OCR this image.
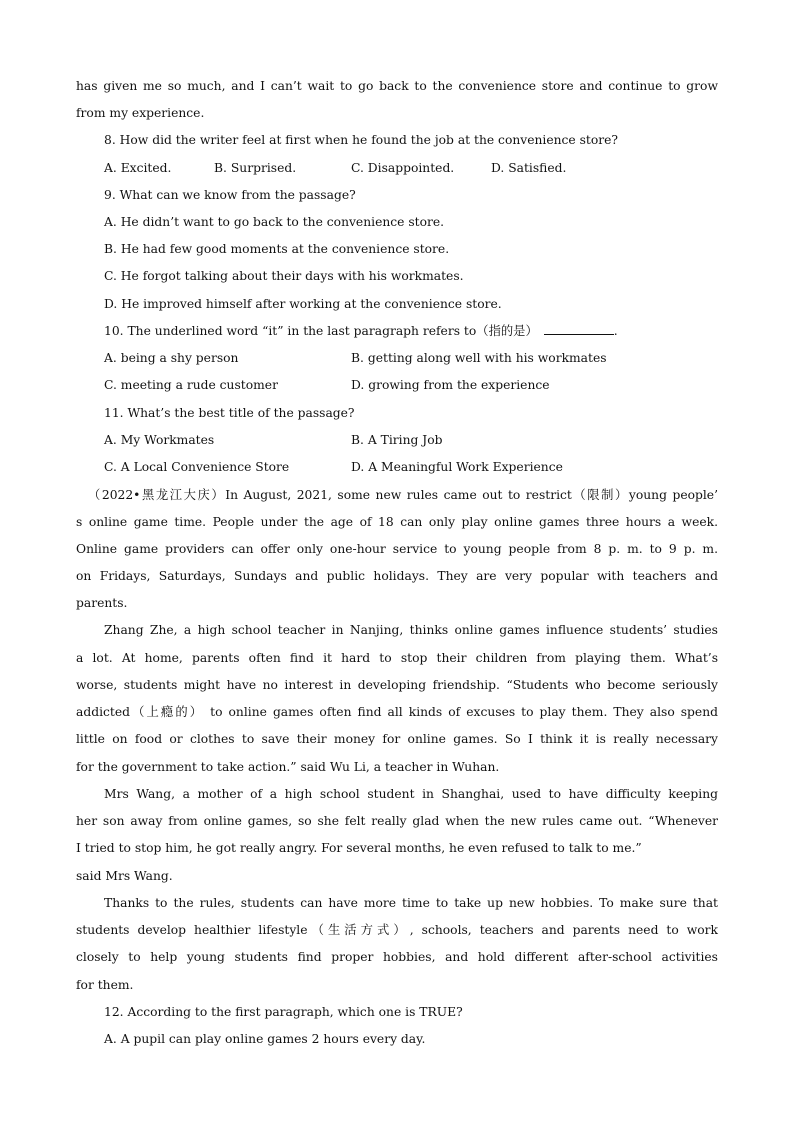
has given me so much, and I can’t wait to go back to the convenience store and continue to grow
from my experience.
8. How did the writer feel at first when he found the job at the convenience store?
A. Excited.	B. Surprised.	C. Disappointed.	D. Satisfied.
9. What can we know from the passage?
A. He didn’t want to go back to the convenience store.
B. He had few good moments at the convenience store.
C. He forgot talking about their days with his workmates.
D. He improved himself after working at the convenience store.
10. The underlined word “it” in the last paragraph refers to（指的是）	.
A. being a shy person	B. getting along well with his workmates
C. meeting a rude customer	D. growing from the experience
11. What’s the best title of the passage?
A. My Workmates	B. A Tiring Job
C. A Local Convenience Store	D. A Meaningful Work Experience
（2022•黑龙江大庆）In August, 2021, some new rules came out to restrict（限制）young people’
s online game time. People under the age of 18 can only play online games three hours a week.
Online game providers can offer only one-hour service to young people from 8 p. m. to 9 p. m.
on Fridays, Saturdays, Sundays and public holidays. They are very popular with teachers and
parents.
Zhang Zhe, a high school teacher in Nanjing, thinks online games influence students’ studies
a lot. At home, parents often find it hard to stop their children from playing them. What’s
worse, students might have no interest in developing friendship. “Students who become seriously
addicted（上瘾的） to online games often find all kinds of excuses to play them. They also spend
little on food or clothes to save their money for online games. So I think it is really necessary
for the government to take action.” said Wu Li, a teacher in Wuhan.
Mrs Wang, a mother of a high school student in Shanghai, used to have difficulty keeping
her son away from online games, so she felt really glad when the new rules came out. “Whenever
I tried to stop him, he got really angry. For several months, he even refused to talk to me.”
said Mrs Wang.
Thanks to the rules, students can have more time to take up new hobbies. To make sure that
students develop healthier lifestyle（生活方式）, schools, teachers and parents need to work
closely to help young students find proper hobbies, and hold different after-school activities
for them.
12. According to the first paragraph, which one is TRUE?
A. A pupil can play online games 2 hours every day.
